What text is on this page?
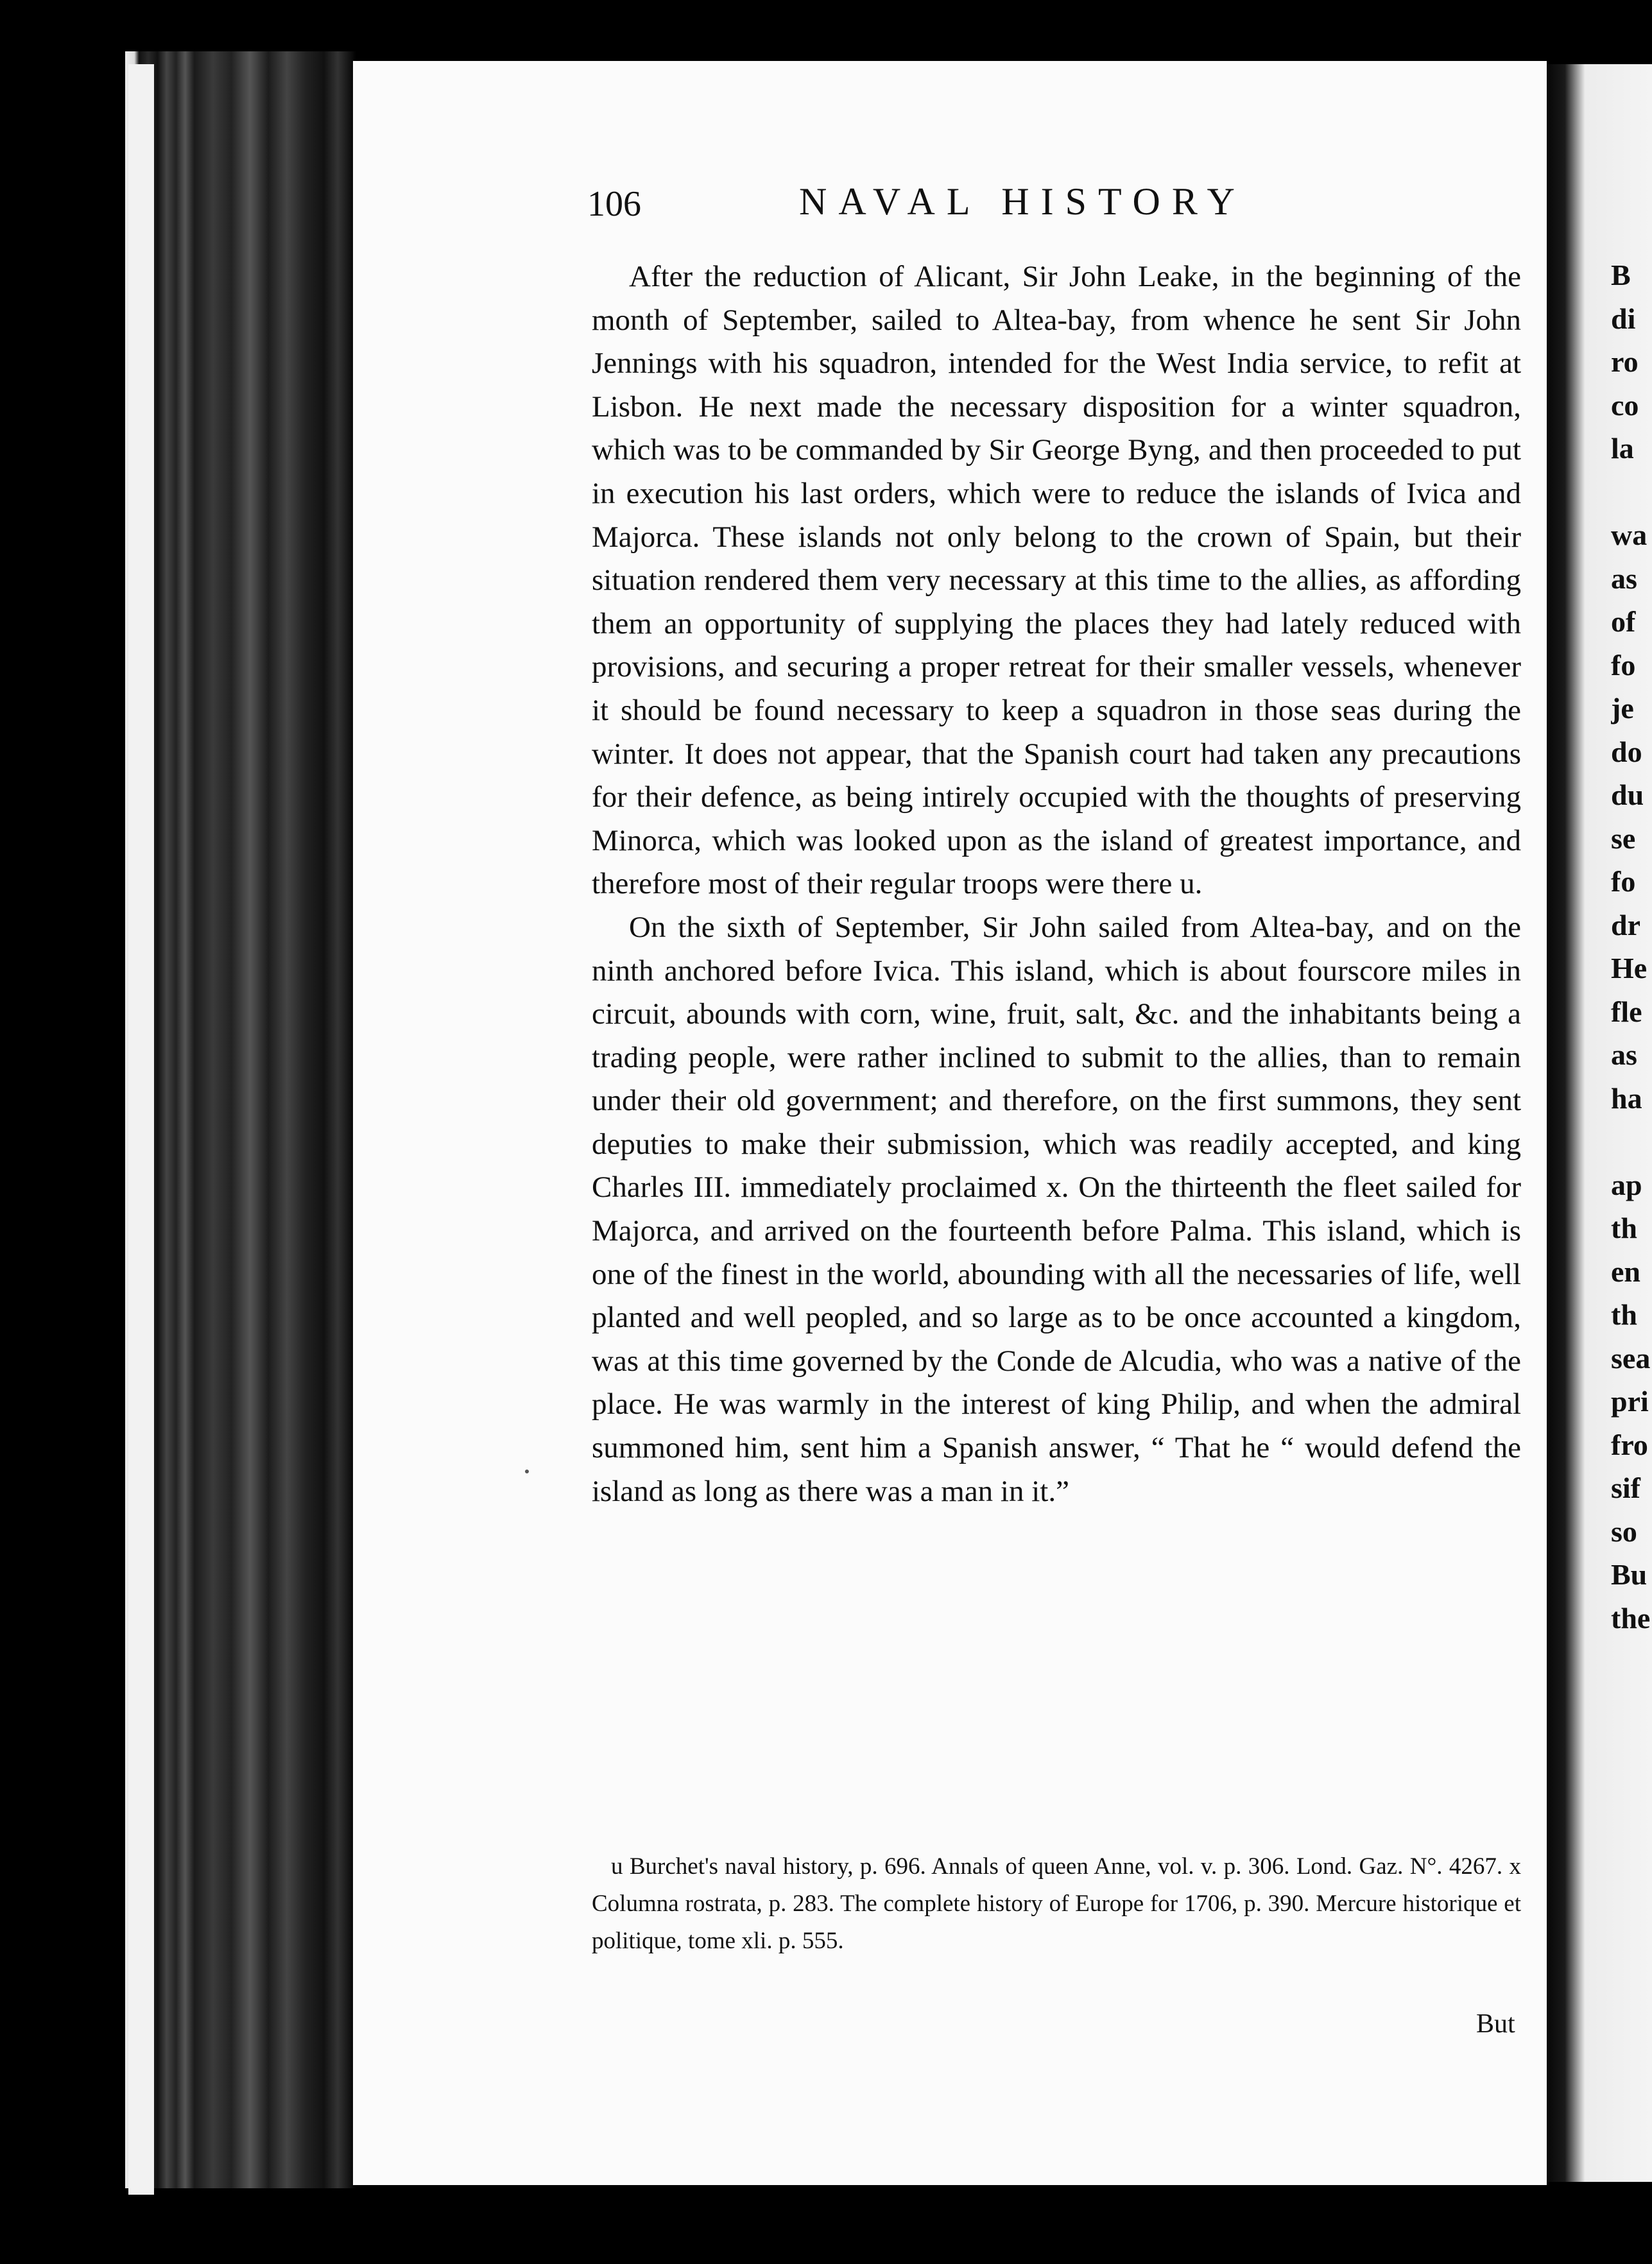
B
di
ro
co
la

wa
as
of
fo
je
do
du
se
fo
dr
He
fle
as
ha

ap
th
en
th
sea
pri
fro
sif
so
Bu
the
106	NAVAL HISTORY

After the reduction of Alicant, Sir John Leake, in the beginning of the month of September, sailed to Altea-bay, from whence he sent Sir John Jennings with his squadron, intended for the West India service, to refit at Lisbon. He next made the necessary disposition for a winter squadron, which was to be commanded by Sir George Byng, and then proceeded to put in execution his last orders, which were to reduce the islands of Ivica and Majorca. These islands not only belong to the crown of Spain, but their situation rendered them very necessary at this time to the allies, as affording them an opportunity of supplying the places they had lately reduced with provisions, and securing a proper retreat for their smaller vessels, whenever it should be found necessary to keep a squadron in those seas during the winter. It does not appear, that the Spanish court had taken any precautions for their defence, as being intirely occupied with the thoughts of preserving Minorca, which was looked upon as the island of greatest importance, and therefore most of their regular troops were there u.

On the sixth of September, Sir John sailed from Altea-bay, and on the ninth anchored before Ivica. This island, which is about fourscore miles in circuit, abounds with corn, wine, fruit, salt, &c. and the inhabitants being a trading people, were rather inclined to submit to the allies, than to remain under their old government; and therefore, on the first summons, they sent deputies to make their submission, which was readily accepted, and king Charles III. immediately proclaimed x. On the thirteenth the fleet sailed for Majorca, and arrived on the fourteenth before Palma. This island, which is one of the finest in the world, abounding with all the necessaries of life, well planted and well peopled, and so large as to be once accounted a kingdom, was at this time governed by the Conde de Alcudia, who was a native of the place. He was warmly in the interest of king Philip, and when the admiral summoned him, sent him a Spanish answer, “ That he “ would defend the island as long as there was a man in it.”

u Burchet's naval history, p. 696. Annals of queen Anne, vol. v. p. 306. Lond. Gaz. N°. 4267. x Columna rostrata, p. 283. The complete history of Europe for 1706, p. 390. Mercure historique et politique, tome xli. p. 555.

But
